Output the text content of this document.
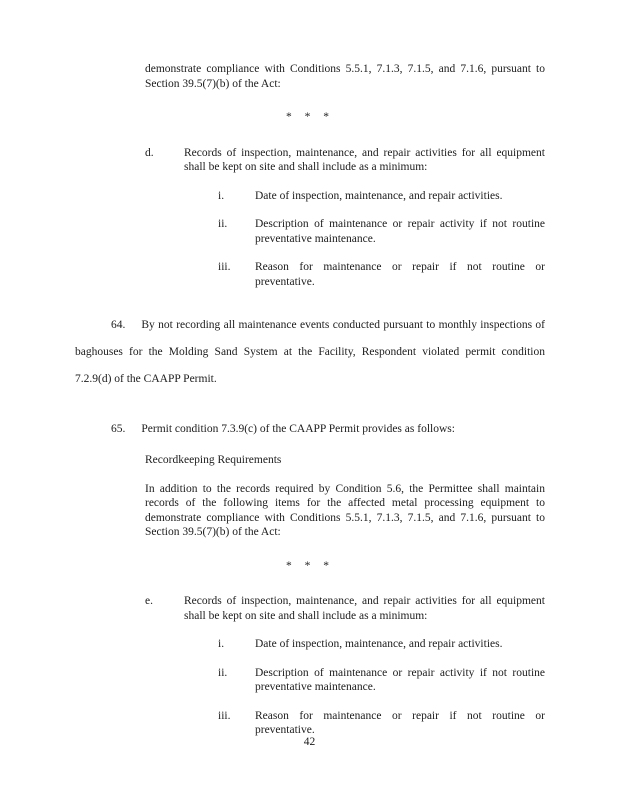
demonstrate compliance with Conditions 5.5.1, 7.1.3, 7.1.5, and 7.1.6, pursuant to Section 39.5(7)(b) of the Act:
* * *
d.	Records of inspection, maintenance, and repair activities for all equipment shall be kept on site and shall include as a minimum:
i.	Date of inspection, maintenance, and repair activities.
ii.	Description of maintenance or repair activity if not routine preventative maintenance.
iii.	Reason for maintenance or repair if not routine or preventative.

64. By not recording all maintenance events conducted pursuant to monthly inspections of baghouses for the Molding Sand System at the Facility, Respondent violated permit condition 7.2.9(d) of the CAAPP Permit.

65. Permit condition 7.3.9(c) of the CAAPP Permit provides as follows:

Recordkeeping Requirements
In addition to the records required by Condition 5.6, the Permittee shall maintain records of the following items for the affected metal processing equipment to demonstrate compliance with Conditions 5.5.1, 7.1.3, 7.1.5, and 7.1.6, pursuant to Section 39.5(7)(b) of the Act:
* * *
e.	Records of inspection, maintenance, and repair activities for all equipment shall be kept on site and shall include as a minimum:
i.	Date of inspection, maintenance, and repair activities.
ii.	Description of maintenance or repair activity if not routine preventative maintenance.
iii.	Reason for maintenance or repair if not routine or preventative.
42
